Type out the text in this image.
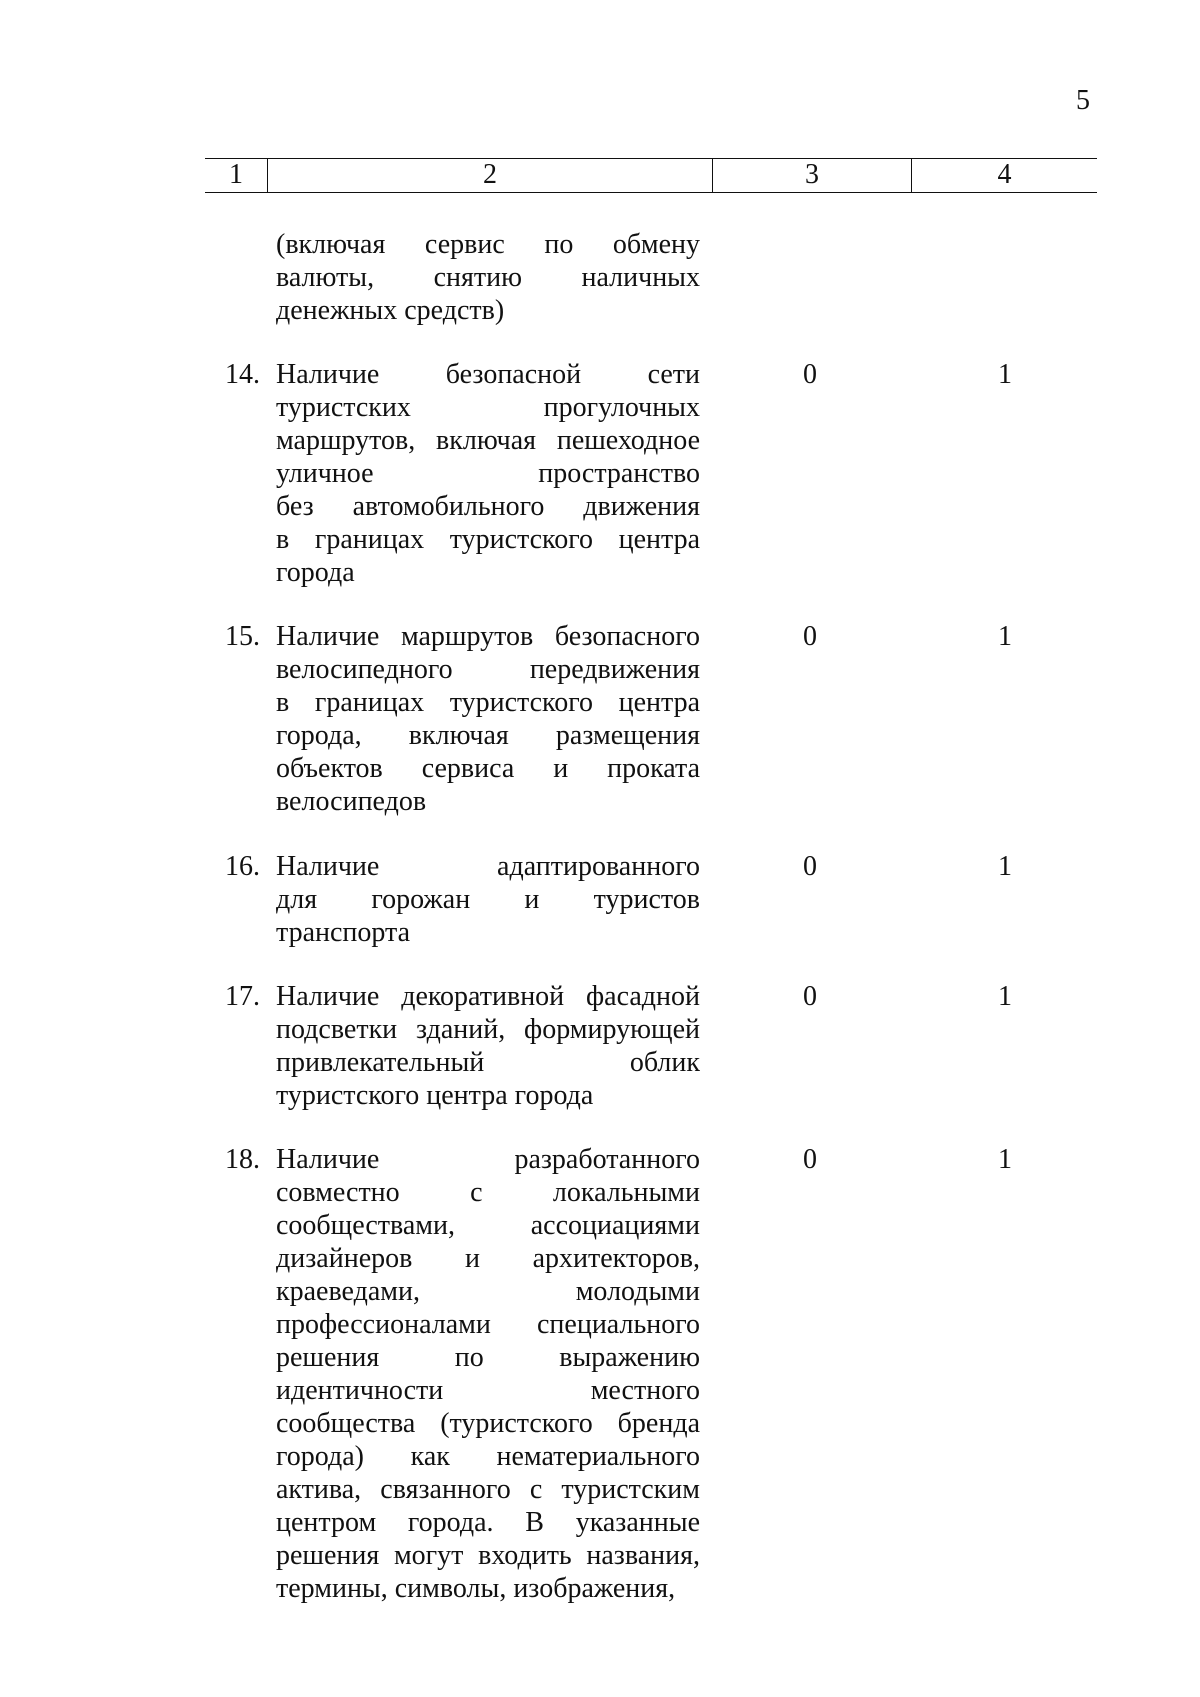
5
1	2	3	4
(включая сервис по обмену
валюты, снятию наличных
денежных средств)
14. Наличие безопасной сети
туристских прогулочных
маршрутов, включая пешеходное
уличное пространство
без автомобильного движения
в границах туристского центра
города
0	1
15. Наличие маршрутов безопасного
велосипедного передвижения
в границах туристского центра
города, включая размещения
объектов сервиса и проката
велосипедов
0	1
16. Наличие адаптированного
для горожан и туристов
транспорта
0	1
17. Наличие декоративной фасадной
подсветки зданий, формирующей
привлекательный облик
туристского центра города
0	1
18. Наличие разработанного
совместно с локальными
сообществами, ассоциациями
дизайнеров и архитекторов,
краеведами, молодыми
профессионалами специального
решения по выражению
идентичности местного
сообщества (туристского бренда
города) как нематериального
актива, связанного с туристским
центром города. В указанные
решения могут входить названия,
термины, символы, изображения,
0	1
